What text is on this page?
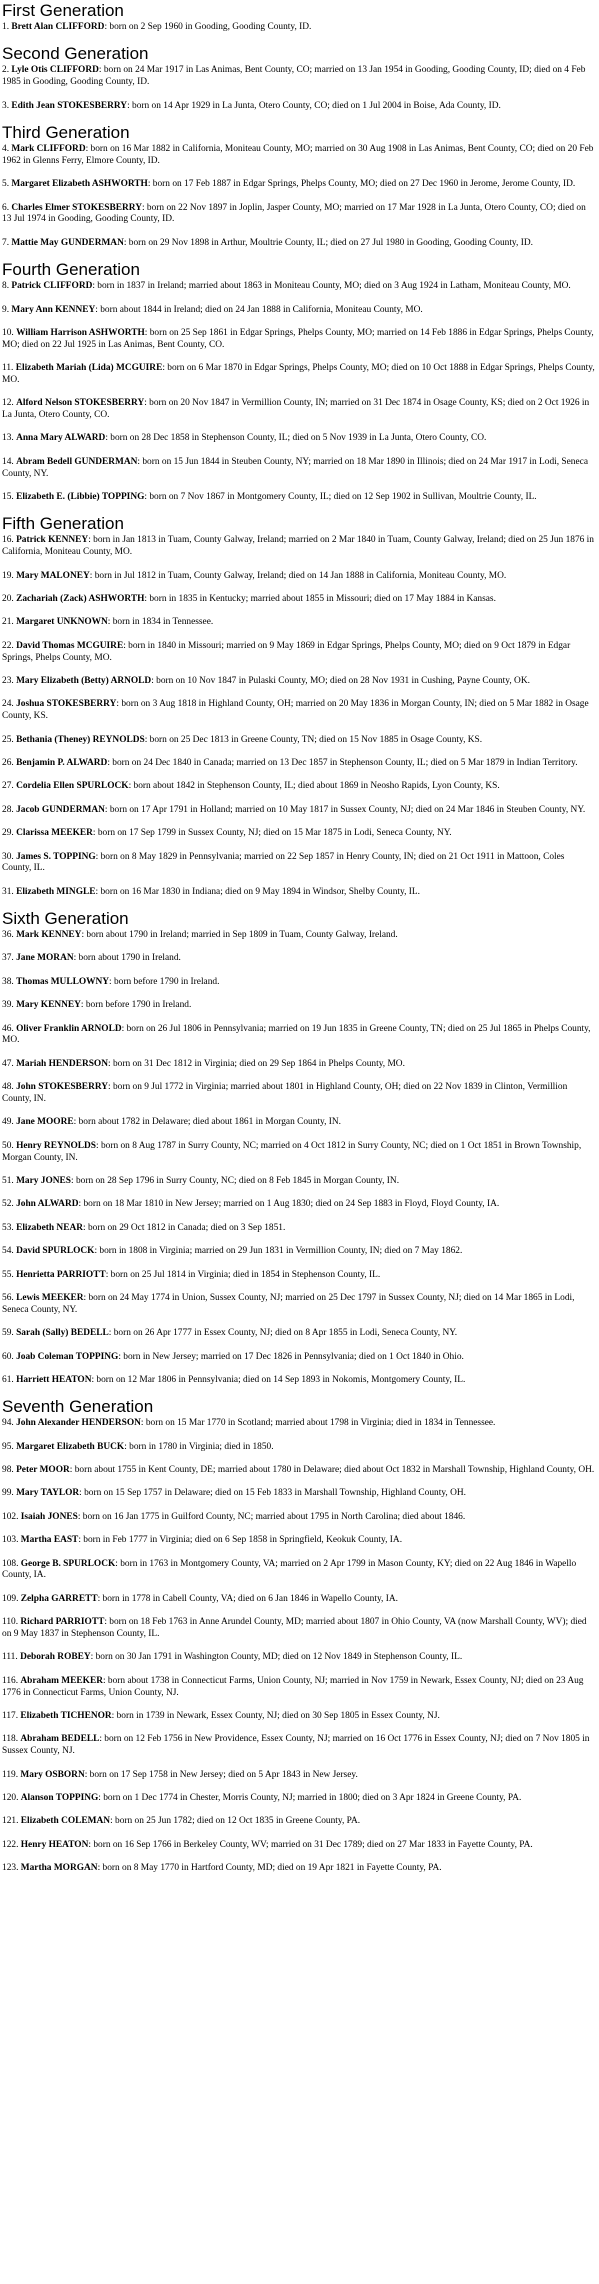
First Generation

1. Brett Alan CLIFFORD: born on 2 Sep 1960 in Gooding, Gooding County, ID.

Second Generation

2. Lyle Otis CLIFFORD: born on 24 Mar 1917 in Las Animas, Bent County, CO; married on 13 Jan 1954 in Gooding, Gooding County, ID; died on 4 Feb 1985 in Gooding, Gooding County, ID.

3. Edith Jean STOKESBERRY: born on 14 Apr 1929 in La Junta, Otero County, CO; died on 1 Jul 2004 in Boise, Ada County, ID.

Third Generation

4. Mark CLIFFORD: born on 16 Mar 1882 in California, Moniteau County, MO; married on 30 Aug 1908 in Las Animas, Bent County, CO; died on 20 Feb 1962 in Glenns Ferry, Elmore County, ID.

5. Margaret Elizabeth ASHWORTH: born on 17 Feb 1887 in Edgar Springs, Phelps County, MO; died on 27 Dec 1960 in Jerome, Jerome County, ID.

6. Charles Elmer STOKESBERRY: born on 22 Nov 1897 in Joplin, Jasper County, MO; married on 17 Mar 1928 in La Junta, Otero County, CO; died on 13 Jul 1974 in Gooding, Gooding County, ID.

7. Mattie May GUNDERMAN: born on 29 Nov 1898 in Arthur, Moultrie County, IL; died on 27 Jul 1980 in Gooding, Gooding County, ID.

Fourth Generation

8. Patrick CLIFFORD: born in 1837 in Ireland; married about 1863 in Moniteau County, MO; died on 3 Aug 1924 in Latham, Moniteau County, MO.

9. Mary Ann KENNEY: born about 1844 in Ireland; died on 24 Jan 1888 in California, Moniteau County, MO.

10. William Harrison ASHWORTH: born on 25 Sep 1861 in Edgar Springs, Phelps County, MO; married on 14 Feb 1886 in Edgar Springs, Phelps County, MO; died on 22 Jul 1925 in Las Animas, Bent County, CO.

11. Elizabeth Mariah (Lida) MCGUIRE: born on 6 Mar 1870 in Edgar Springs, Phelps County, MO; died on 10 Oct 1888 in Edgar Springs, Phelps County, MO.

12. Alford Nelson STOKESBERRY: born on 20 Nov 1847 in Vermillion County, IN; married on 31 Dec 1874 in Osage County, KS; died on 2 Oct 1926 in La Junta, Otero County, CO.

13. Anna Mary ALWARD: born on 28 Dec 1858 in Stephenson County, IL; died on 5 Nov 1939 in La Junta, Otero County, CO.

14. Abram Bedell GUNDERMAN: born on 15 Jun 1844 in Steuben County, NY; married on 18 Mar 1890 in Illinois; died on 24 Mar 1917 in Lodi, Seneca County, NY.

15. Elizabeth E. (Libbie) TOPPING: born on 7 Nov 1867 in Montgomery County, IL; died on 12 Sep 1902 in Sullivan, Moultrie County, IL.

Fifth Generation

16. Patrick KENNEY: born in Jan 1813 in Tuam, County Galway, Ireland; married on 2 Mar 1840 in Tuam, County Galway, Ireland; died on 25 Jun 1876 in California, Moniteau County, MO.

19. Mary MALONEY: born in Jul 1812 in Tuam, County Galway, Ireland; died on 14 Jan 1888 in California, Moniteau County, MO.

20. Zachariah (Zack) ASHWORTH: born in 1835 in Kentucky; married about 1855 in Missouri; died on 17 May 1884 in Kansas.

21. Margaret UNKNOWN: born in 1834 in Tennessee.

22. David Thomas MCGUIRE: born in 1840 in Missouri; married on 9 May 1869 in Edgar Springs, Phelps County, MO; died on 9 Oct 1879 in Edgar Springs, Phelps County, MO.

23. Mary Elizabeth (Betty) ARNOLD: born on 10 Nov 1847 in Pulaski County, MO; died on 28 Nov 1931 in Cushing, Payne County, OK.

24. Joshua STOKESBERRY: born on 3 Aug 1818 in Highland County, OH; married on 20 May 1836 in Morgan County, IN; died on 5 Mar 1882 in Osage County, KS.

25. Bethania (Theney) REYNOLDS: born on 25 Dec 1813 in Greene County, TN; died on 15 Nov 1885 in Osage County, KS.

26. Benjamin P. ALWARD: born on 24 Dec 1840 in Canada; married on 13 Dec 1857 in Stephenson County, IL; died on 5 Mar 1879 in Indian Territory.

27. Cordelia Ellen SPURLOCK: born about 1842 in Stephenson County, IL; died about 1869 in Neosho Rapids, Lyon County, KS.

28. Jacob GUNDERMAN: born on 17 Apr 1791 in Holland; married on 10 May 1817 in Sussex County, NJ; died on 24 Mar 1846 in Steuben County, NY.

29. Clarissa MEEKER: born on 17 Sep 1799 in Sussex County, NJ; died on 15 Mar 1875 in Lodi, Seneca County, NY.

30. James S. TOPPING: born on 8 May 1829 in Pennsylvania; married on 22 Sep 1857 in Henry County, IN; died on 21 Oct 1911 in Mattoon, Coles County, IL.

31. Elizabeth MINGLE: born on 16 Mar 1830 in Indiana; died on 9 May 1894 in Windsor, Shelby County, IL.

Sixth Generation

36. Mark KENNEY: born about 1790 in Ireland; married in Sep 1809 in Tuam, County Galway, Ireland.

37. Jane MORAN: born about 1790 in Ireland.

38. Thomas MULLOWNY: born before 1790 in Ireland.

39. Mary KENNEY: born before 1790 in Ireland.

46. Oliver Franklin ARNOLD: born on 26 Jul 1806 in Pennsylvania; married on 19 Jun 1835 in Greene County, TN; died on 25 Jul 1865 in Phelps County, MO.

47. Mariah HENDERSON: born on 31 Dec 1812 in Virginia; died on 29 Sep 1864 in Phelps County, MO.

48. John STOKESBERRY: born on 9 Jul 1772 in Virginia; married about 1801 in Highland County, OH; died on 22 Nov 1839 in Clinton, Vermillion County, IN.

49. Jane MOORE: born about 1782 in Delaware; died about 1861 in Morgan County, IN.

50. Henry REYNOLDS: born on 8 Aug 1787 in Surry County, NC; married on 4 Oct 1812 in Surry County, NC; died on 1 Oct 1851 in Brown Township, Morgan County, IN.

51. Mary JONES: born on 28 Sep 1796 in Surry County, NC; died on 8 Feb 1845 in Morgan County, IN.

52. John ALWARD: born on 18 Mar 1810 in New Jersey; married on 1 Aug 1830; died on 24 Sep 1883 in Floyd, Floyd County, IA.

53. Elizabeth NEAR: born on 29 Oct 1812 in Canada; died on 3 Sep 1851.

54. David SPURLOCK: born in 1808 in Virginia; married on 29 Jun 1831 in Vermillion County, IN; died on 7 May 1862.

55. Henrietta PARRIOTT: born on 25 Jul 1814 in Virginia; died in 1854 in Stephenson County, IL.

56. Lewis MEEKER: born on 24 May 1774 in Union, Sussex County, NJ; married on 25 Dec 1797 in Sussex County, NJ; died on 14 Mar 1865 in Lodi, Seneca County, NY.

59. Sarah (Sally) BEDELL: born on 26 Apr 1777 in Essex County, NJ; died on 8 Apr 1855 in Lodi, Seneca County, NY.

60. Joab Coleman TOPPING: born in New Jersey; married on 17 Dec 1826 in Pennsylvania; died on 1 Oct 1840 in Ohio.

61. Harriett HEATON: born on 12 Mar 1806 in Pennsylvania; died on 14 Sep 1893 in Nokomis, Montgomery County, IL.

Seventh Generation

94. John Alexander HENDERSON: born on 15 Mar 1770 in Scotland; married about 1798 in Virginia; died in 1834 in Tennessee.

95. Margaret Elizabeth BUCK: born in 1780 in Virginia; died in 1850.

98. Peter MOOR: born about 1755 in Kent County, DE; married about 1780 in Delaware; died about Oct 1832 in Marshall Township, Highland County, OH.

99. Mary TAYLOR: born on 15 Sep 1757 in Delaware; died on 15 Feb 1833 in Marshall Township, Highland County, OH.

102. Isaiah JONES: born on 16 Jan 1775 in Guilford County, NC; married about 1795 in North Carolina; died about 1846.

103. Martha EAST: born in Feb 1777 in Virginia; died on 6 Sep 1858 in Springfield, Keokuk County, IA.

108. George B. SPURLOCK: born in 1763 in Montgomery County, VA; married on 2 Apr 1799 in Mason County, KY; died on 22 Aug 1846 in Wapello County, IA.

109. Zelpha GARRETT: born in 1778 in Cabell County, VA; died on 6 Jan 1846 in Wapello County, IA.

110. Richard PARRIOTT: born on 18 Feb 1763 in Anne Arundel County, MD; married about 1807 in Ohio County, VA (now Marshall County, WV); died on 9 May 1837 in Stephenson County, IL.

111. Deborah ROBEY: born on 30 Jan 1791 in Washington County, MD; died on 12 Nov 1849 in Stephenson County, IL.

116. Abraham MEEKER: born about 1738 in Connecticut Farms, Union County, NJ; married in Nov 1759 in Newark, Essex County, NJ; died on 23 Aug 1776 in Connecticut Farms, Union County, NJ.

117. Elizabeth TICHENOR: born in 1739 in Newark, Essex County, NJ; died on 30 Sep 1805 in Essex County, NJ.

118. Abraham BEDELL: born on 12 Feb 1756 in New Providence, Essex County, NJ; married on 16 Oct 1776 in Essex County, NJ; died on 7 Nov 1805 in Sussex County, NJ.

119. Mary OSBORN: born on 17 Sep 1758 in New Jersey; died on 5 Apr 1843 in New Jersey.

120. Alanson TOPPING: born on 1 Dec 1774 in Chester, Morris County, NJ; married in 1800; died on 3 Apr 1824 in Greene County, PA.

121. Elizabeth COLEMAN: born on 25 Jun 1782; died on 12 Oct 1835 in Greene County, PA.

122. Henry HEATON: born on 16 Sep 1766 in Berkeley County, WV; married on 31 Dec 1789; died on 27 Mar 1833 in Fayette County, PA.

123. Martha MORGAN: born on 8 May 1770 in Hartford County, MD; died on 19 Apr 1821 in Fayette County, PA.
